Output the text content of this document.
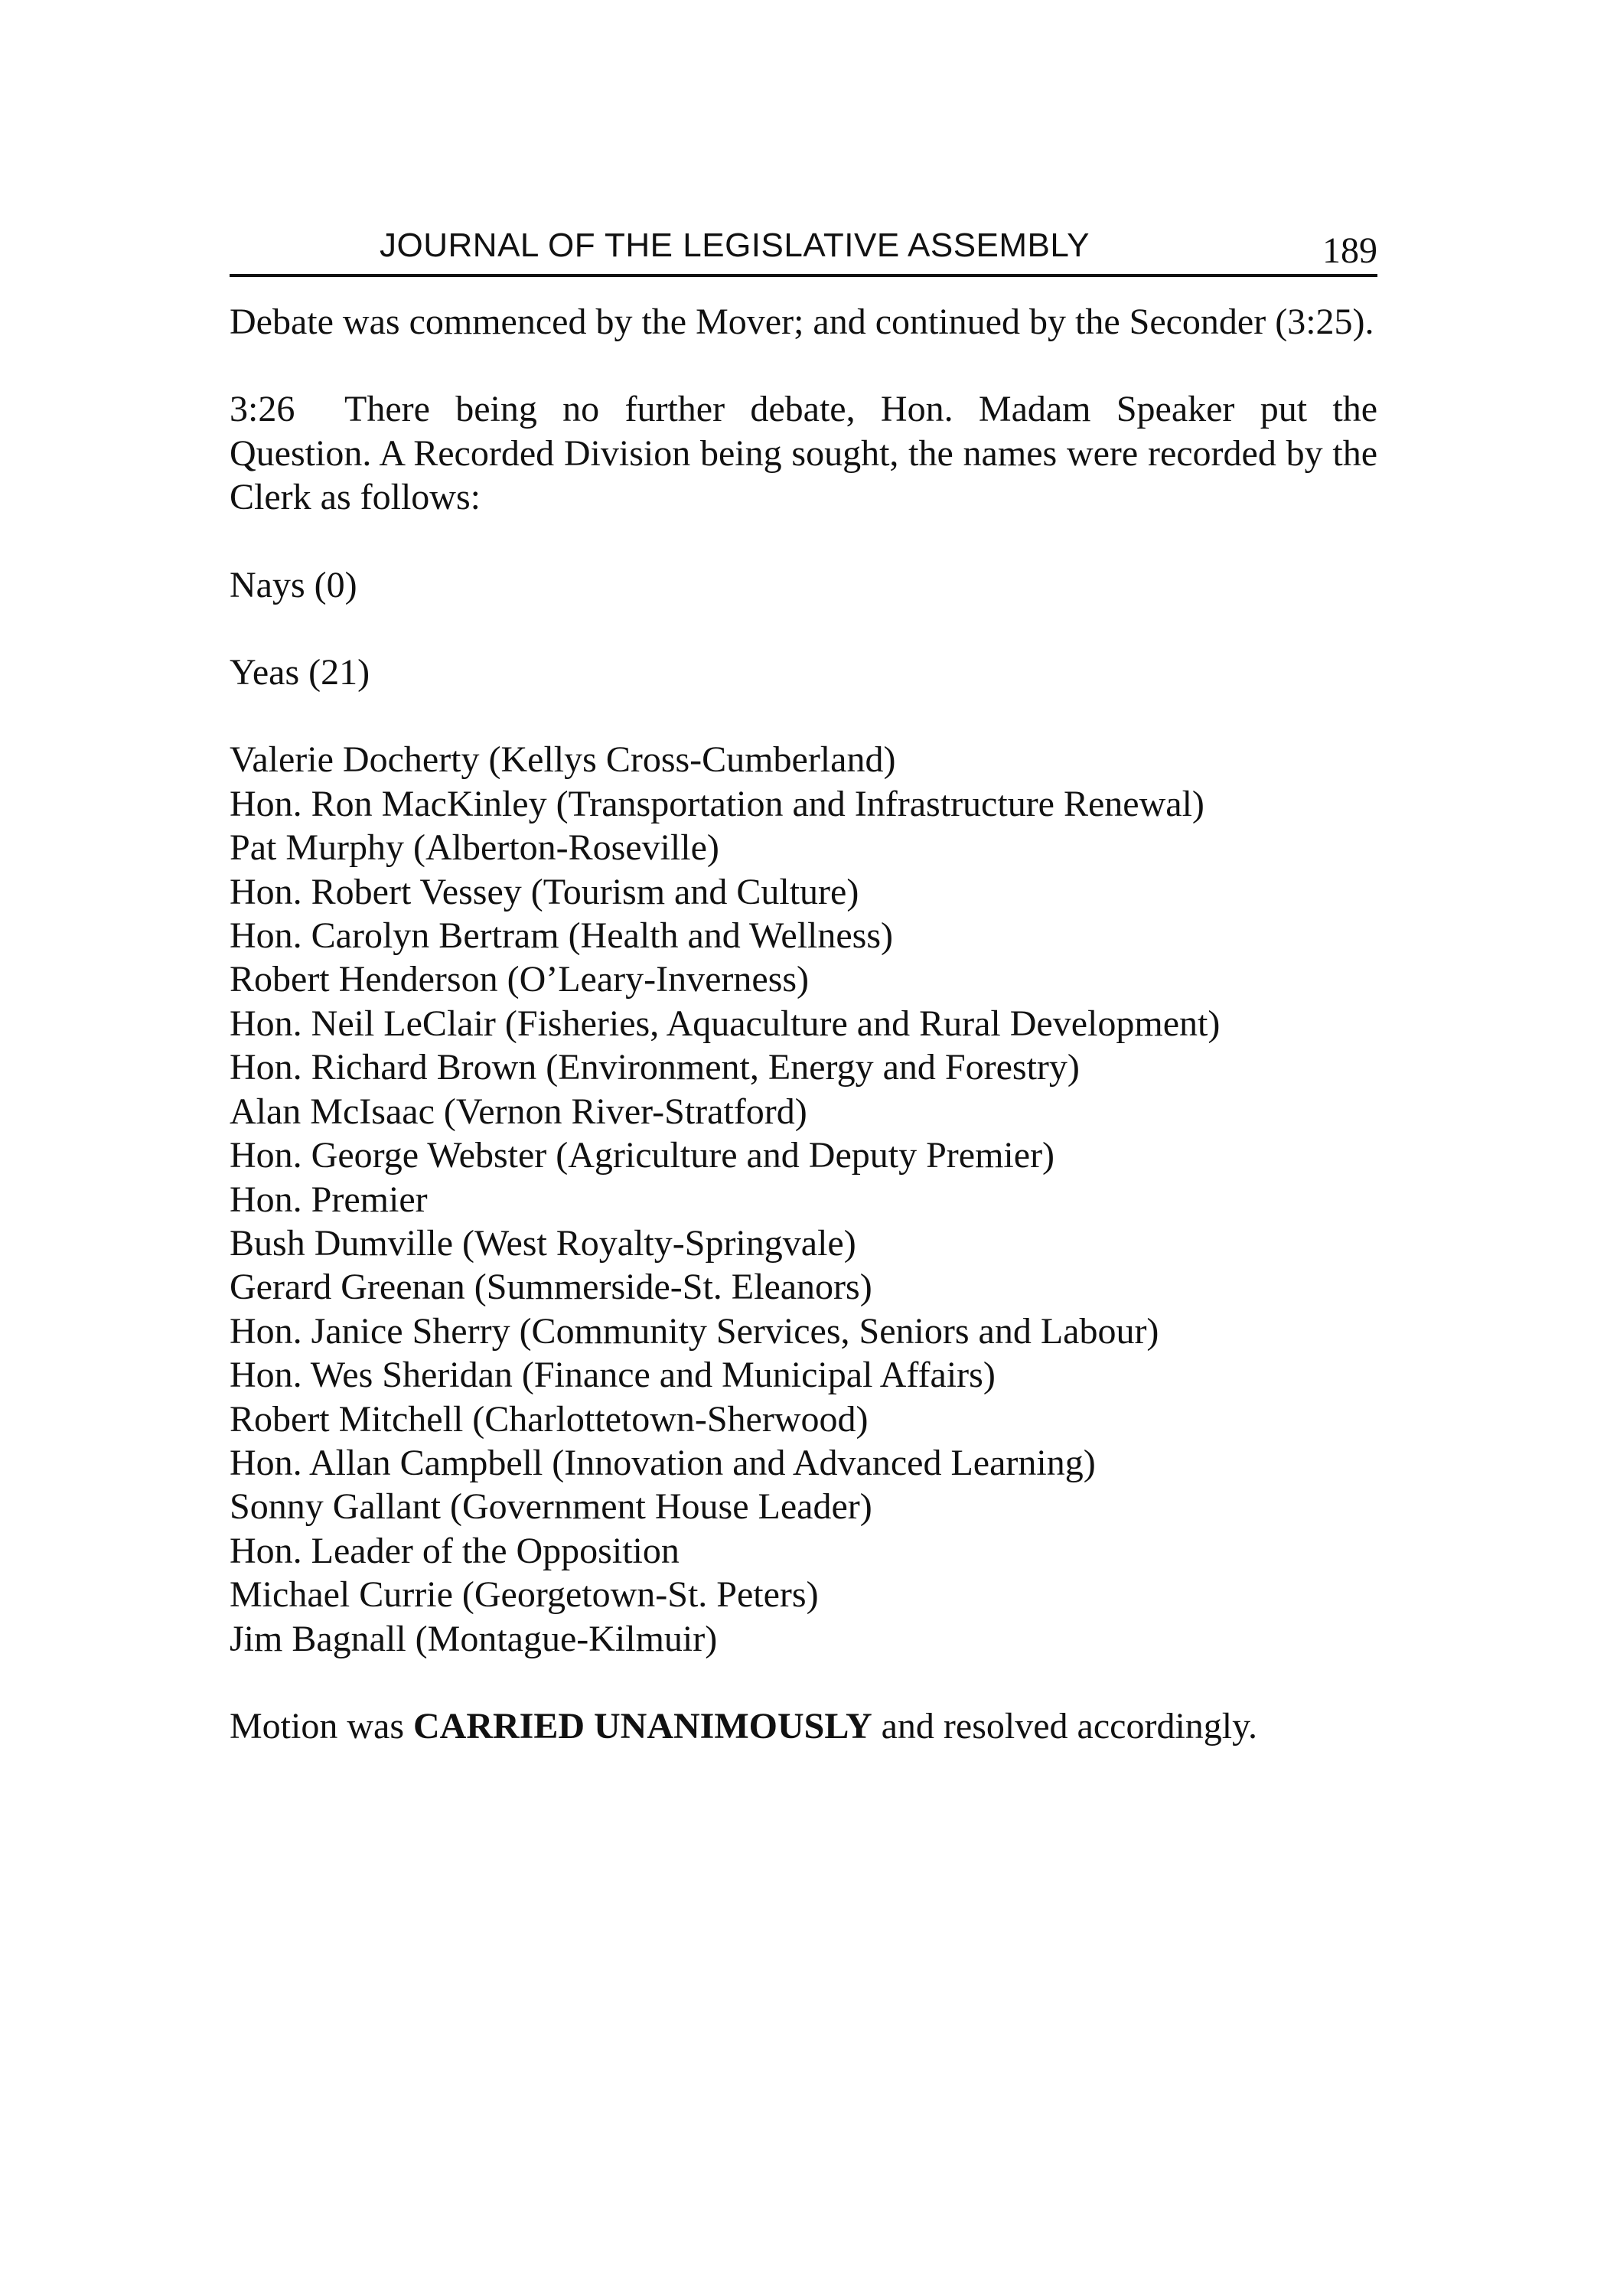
JOURNAL OF THE LEGISLATIVE ASSEMBLY	189
Debate was commenced by the Mover; and continued by the Seconder (3:25).
3:26 There being no further debate, Hon. Madam Speaker put the Question. A Recorded Division being sought, the names were recorded by the Clerk as follows:
Nays (0)
Yeas (21)
Valerie Docherty (Kellys Cross-Cumberland)
Hon. Ron MacKinley (Transportation and Infrastructure Renewal)
Pat Murphy (Alberton-Roseville)
Hon. Robert Vessey (Tourism and Culture)
Hon. Carolyn Bertram (Health and Wellness)
Robert Henderson (O’Leary-Inverness)
Hon. Neil LeClair (Fisheries, Aquaculture and Rural Development)
Hon. Richard Brown (Environment, Energy and Forestry)
Alan McIsaac (Vernon River-Stratford)
Hon. George Webster (Agriculture and Deputy Premier)
Hon. Premier
Bush Dumville (West Royalty-Springvale)
Gerard Greenan (Summerside-St. Eleanors)
Hon. Janice Sherry (Community Services, Seniors and Labour)
Hon. Wes Sheridan (Finance and Municipal Affairs)
Robert Mitchell (Charlottetown-Sherwood)
Hon. Allan Campbell (Innovation and Advanced Learning)
Sonny Gallant (Government House Leader)
Hon. Leader of the Opposition
Michael Currie (Georgetown-St. Peters)
Jim Bagnall (Montague-Kilmuir)
Motion was CARRIED UNANIMOUSLY and resolved accordingly.
